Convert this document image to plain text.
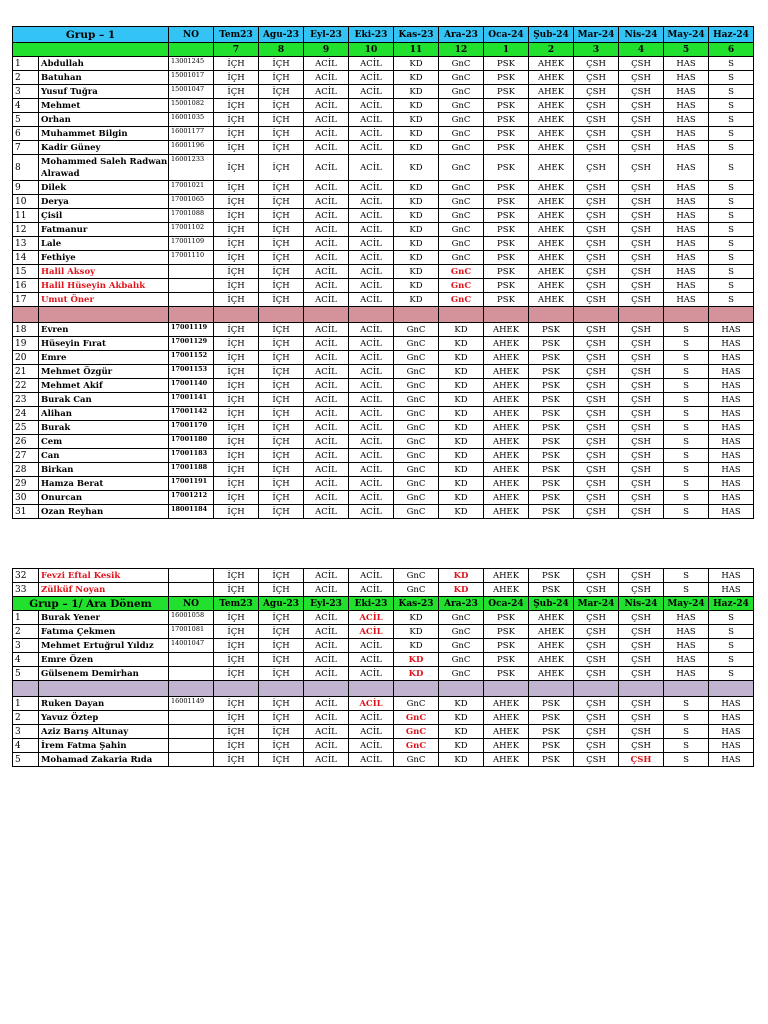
Grup – 1		NO	Tem23	Agu-23	Eyl-23	Eki-23	Kas-23	Ara-23	Oca-24	Şub-24	Mar-24	Nis-24	May-24	Haz-24
			7	8	9	10	11	12	1	2	3	4	5	6
1	Abdullah	13001245	İÇH	İÇH	ACİL	ACİL	KD	GnC	PSK	AHEK	ÇSH	ÇSH	HAS	S
2	Batuhan	15001017	İÇH	İÇH	ACİL	ACİL	KD	GnC	PSK	AHEK	ÇSH	ÇSH	HAS	S
3	Yusuf Tuğra	15001047	İÇH	İÇH	ACİL	ACİL	KD	GnC	PSK	AHEK	ÇSH	ÇSH	HAS	S
4	Mehmet	15001082	İÇH	İÇH	ACİL	ACİL	KD	GnC	PSK	AHEK	ÇSH	ÇSH	HAS	S
5	Orhan	16001035	İÇH	İÇH	ACİL	ACİL	KD	GnC	PSK	AHEK	ÇSH	ÇSH	HAS	S
6	Muhammet Bilgin	16001177	İÇH	İÇH	ACİL	ACİL	KD	GnC	PSK	AHEK	ÇSH	ÇSH	HAS	S
7	Kadir Güney	16001196	İÇH	İÇH	ACİL	ACİL	KD	GnC	PSK	AHEK	ÇSH	ÇSH	HAS	S
8	Mohammed Saleh Radwan Alrawad	16001233	İÇH	İÇH	ACİL	ACİL	KD	GnC	PSK	AHEK	ÇSH	ÇSH	HAS	S
9	Dilek	17001021	İÇH	İÇH	ACİL	ACİL	KD	GnC	PSK	AHEK	ÇSH	ÇSH	HAS	S
10	Derya	17001065	İÇH	İÇH	ACİL	ACİL	KD	GnC	PSK	AHEK	ÇSH	ÇSH	HAS	S
11	Çisil	17001088	İÇH	İÇH	ACİL	ACİL	KD	GnC	PSK	AHEK	ÇSH	ÇSH	HAS	S
12	Fatmanur	17001102	İÇH	İÇH	ACİL	ACİL	KD	GnC	PSK	AHEK	ÇSH	ÇSH	HAS	S
13	Lale	17001109	İÇH	İÇH	ACİL	ACİL	KD	GnC	PSK	AHEK	ÇSH	ÇSH	HAS	S
14	Fethiye	17001110	İÇH	İÇH	ACİL	ACİL	KD	GnC	PSK	AHEK	ÇSH	ÇSH	HAS	S
15	Halil Aksoy		İÇH	İÇH	ACİL	ACİL	KD	GnC	PSK	AHEK	ÇSH	ÇSH	HAS	S
16	Halil Hüseyin Akbalık		İÇH	İÇH	ACİL	ACİL	KD	GnC	PSK	AHEK	ÇSH	ÇSH	HAS	S
17	Umut Öner		İÇH	İÇH	ACİL	ACİL	KD	GnC	PSK	AHEK	ÇSH	ÇSH	HAS	S

18	Evren	17001119	İÇH	İÇH	ACİL	ACİL	GnC	KD	AHEK	PSK	ÇSH	ÇSH	S	HAS
19	Hüseyin Fırat	17001129	İÇH	İÇH	ACİL	ACİL	GnC	KD	AHEK	PSK	ÇSH	ÇSH	S	HAS
20	Emre	17001152	İÇH	İÇH	ACİL	ACİL	GnC	KD	AHEK	PSK	ÇSH	ÇSH	S	HAS
21	Mehmet Özgür	17001153	İÇH	İÇH	ACİL	ACİL	GnC	KD	AHEK	PSK	ÇSH	ÇSH	S	HAS
22	Mehmet Akif	17001140	İÇH	İÇH	ACİL	ACİL	GnC	KD	AHEK	PSK	ÇSH	ÇSH	S	HAS
23	Burak Can	17001141	İÇH	İÇH	ACİL	ACİL	GnC	KD	AHEK	PSK	ÇSH	ÇSH	S	HAS
24	Alihan	17001142	İÇH	İÇH	ACİL	ACİL	GnC	KD	AHEK	PSK	ÇSH	ÇSH	S	HAS
25	Burak	17001170	İÇH	İÇH	ACİL	ACİL	GnC	KD	AHEK	PSK	ÇSH	ÇSH	S	HAS
26	Cem	17001180	İÇH	İÇH	ACİL	ACİL	GnC	KD	AHEK	PSK	ÇSH	ÇSH	S	HAS
27	Can	17001183	İÇH	İÇH	ACİL	ACİL	GnC	KD	AHEK	PSK	ÇSH	ÇSH	S	HAS
28	Birkan	17001188	İÇH	İÇH	ACİL	ACİL	GnC	KD	AHEK	PSK	ÇSH	ÇSH	S	HAS
29	Hamza Berat	17001191	İÇH	İÇH	ACİL	ACİL	GnC	KD	AHEK	PSK	ÇSH	ÇSH	S	HAS
30	Onurcan	17001212	İÇH	İÇH	ACİL	ACİL	GnC	KD	AHEK	PSK	ÇSH	ÇSH	S	HAS
31	Ozan Reyhan	18001184	İÇH	İÇH	ACİL	ACİL	GnC	KD	AHEK	PSK	ÇSH	ÇSH	S	HAS
32	Fevzi Eftal Kesik		İÇH	İÇH	ACİL	ACİL	GnC	KD	AHEK	PSK	ÇSH	ÇSH	S	HAS
33	Zülküf Noyan		İÇH	İÇH	ACİL	ACİL	GnC	KD	AHEK	PSK	ÇSH	ÇSH	S	HAS
Grup – 1/ Ara Dönem		NO	Tem23	Agu-23	Eyl-23	Eki-23	Kas-23	Ara-23	Oca-24	Şub-24	Mar-24	Nis-24	May-24	Haz-24
1	Burak Yener	16001058	İÇH	İÇH	ACİL	ACİL	KD	GnC	PSK	AHEK	ÇSH	ÇSH	HAS	S
2	Fatıma Çekmen	17001081	İÇH	İÇH	ACİL	ACİL	KD	GnC	PSK	AHEK	ÇSH	ÇSH	HAS	S
3	Mehmet Ertuğrul Yıldız	14001047	İÇH	İÇH	ACİL	ACİL	KD	GnC	PSK	AHEK	ÇSH	ÇSH	HAS	S
4	Emre Özen		İÇH	İÇH	ACİL	ACİL	KD	GnC	PSK	AHEK	ÇSH	ÇSH	HAS	S
5	Gülsenem Demirhan		İÇH	İÇH	ACİL	ACİL	KD	GnC	PSK	AHEK	ÇSH	ÇSH	HAS	S

1	Ruken Dayan	16001149	İÇH	İÇH	ACİL	ACİL	GnC	KD	AHEK	PSK	ÇSH	ÇSH	S	HAS
2	Yavuz Öztep		İÇH	İÇH	ACİL	ACİL	GnC	KD	AHEK	PSK	ÇSH	ÇSH	S	HAS
3	Aziz Barış Altunay		İÇH	İÇH	ACİL	ACİL	GnC	KD	AHEK	PSK	ÇSH	ÇSH	S	HAS
4	İrem Fatma Şahin		İÇH	İÇH	ACİL	ACİL	GnC	KD	AHEK	PSK	ÇSH	ÇSH	S	HAS
5	Mohamad Zakaria Rıda		İÇH	İÇH	ACİL	ACİL	GnC	KD	AHEK	PSK	ÇSH	ÇSH	S	HAS
